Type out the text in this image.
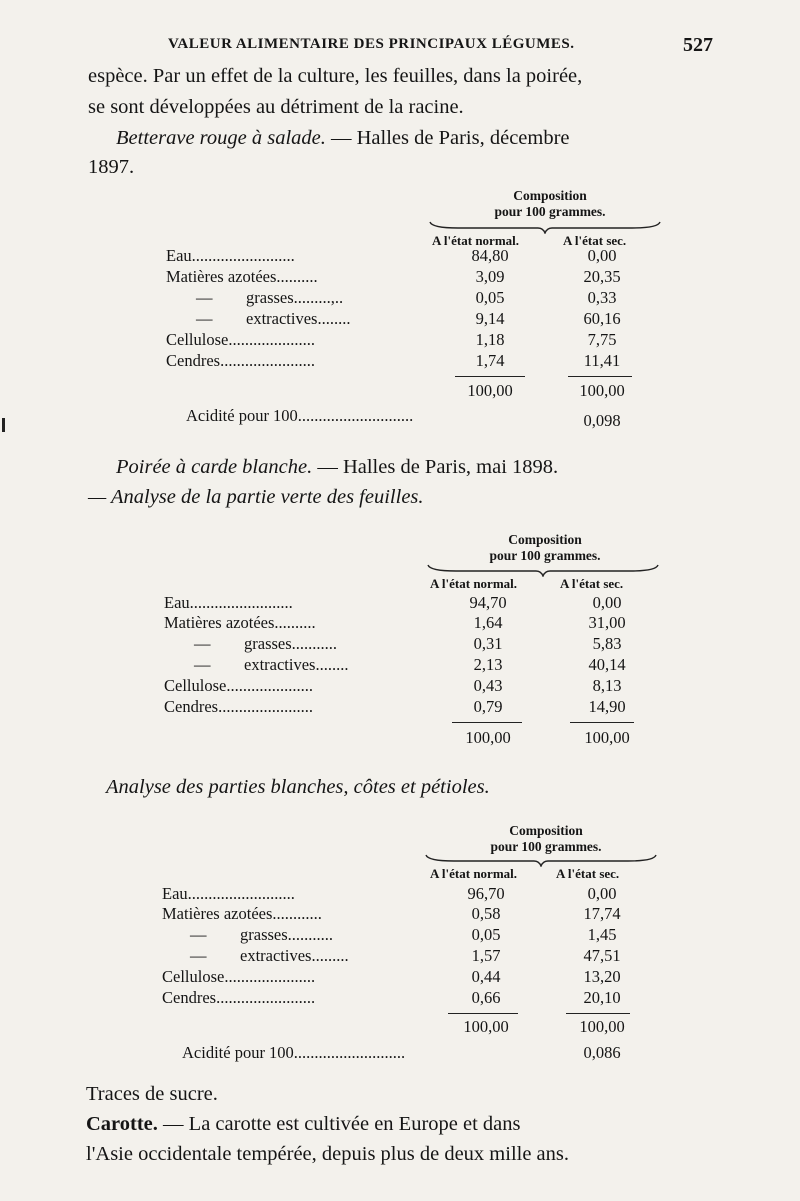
VALEUR ALIMENTAIRE DES PRINCIPAUX LÉGUMES.	527
espèce. Par un effet de la culture, les feuilles, dans la poirée,
se sont développées au détriment de la racine.
Betterave rouge à salade. — Halles de Paris, décembre
1897.
Composition
pour 100 grammes.
A l'état normal.	A l'état sec.
Eau.........................	84,80	0,00
Matières azotées..........	3,09	20,35
— grasses.........,..	0,05	0,33
— extractives........	9,14	60,16
Cellulose.....................	1,18	7,75
Cendres.......................	1,74	11,41
100,00	100,00
Acidité pour 100............................	0,098
Poirée à carde blanche. — Halles de Paris, mai 1898.
— Analyse de la partie verte des feuilles.
Composition
pour 100 grammes.
A l'état normal.	A l'état sec.
Eau.........................	94,70	0,00
Matières azotées..........	1,64	31,00
— grasses...........	0,31	5,83
— extractives........	2,13	40,14
Cellulose.....................	0,43	8,13
Cendres.......................	0,79	14,90
100,00	100,00
Analyse des parties blanches, côtes et pétioles.
Composition
pour 100 grammes.
A l'état normal.	A l'état sec.
Eau..........................	96,70	0,00
Matières azotées............	0,58	17,74
— grasses...........	0,05	1,45
— extractives.........	1,57	47,51
Cellulose......................	0,44	13,20
Cendres........................	0,66	20,10
100,00	100,00
Acidité pour 100...........................	0,086
Traces de sucre.
Carotte. — La carotte est cultivée en Europe et dans
l'Asie occidentale tempérée, depuis plus de deux mille ans.
